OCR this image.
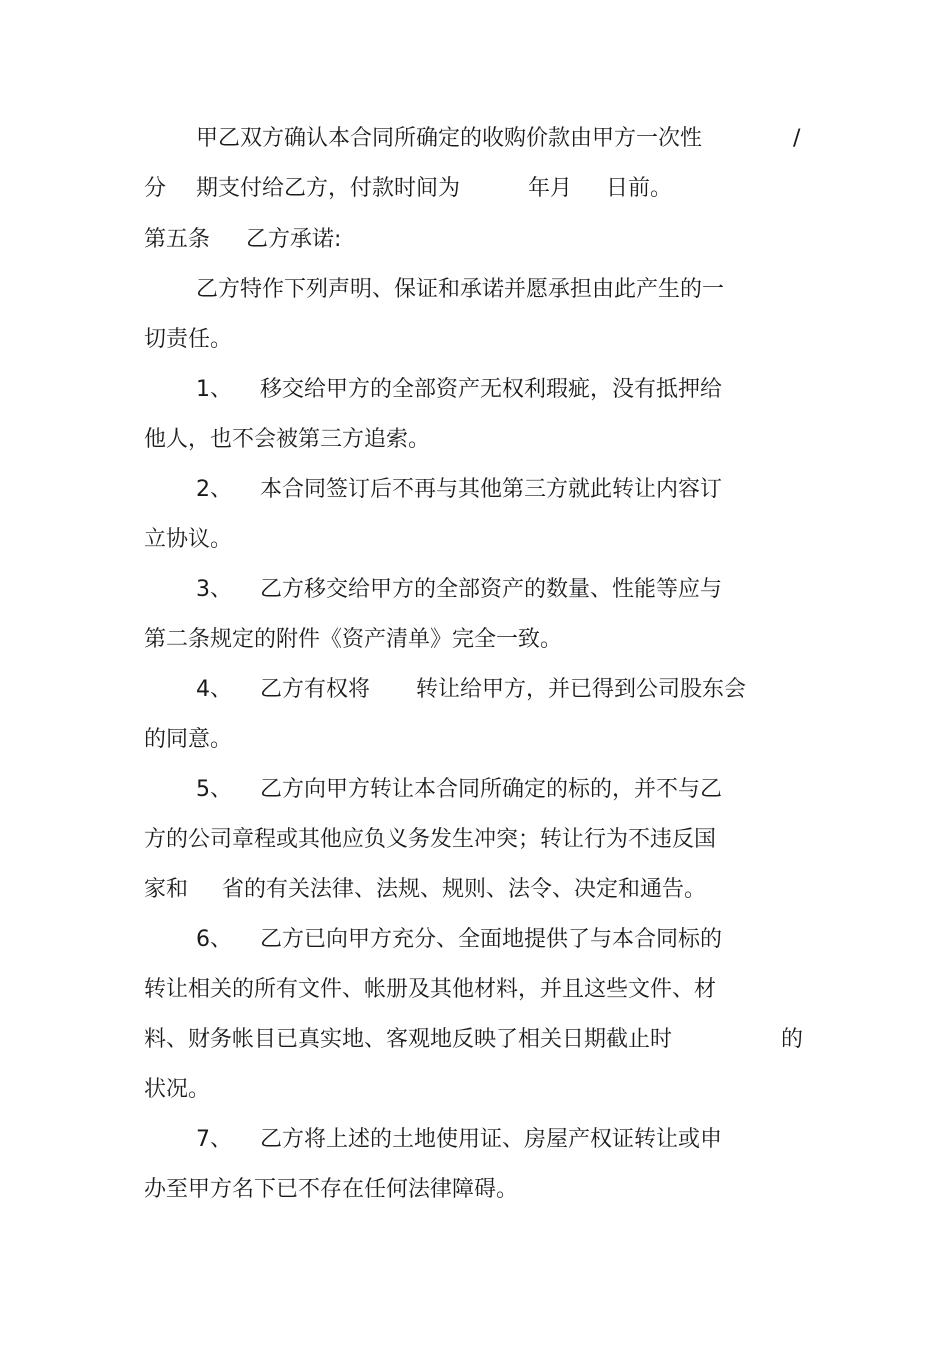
甲乙双方确认本合同所确定的收购价款由甲方一次性	/
分 期支付给乙方，付款时间为	年月 日前。
第五条 乙方承诺:
乙方特作下列声明、保证和承诺并愿承担由此产生的一
切责任。
1、 移交给甲方的全部资产无权利瑕疵，没有抵押给
他人，也不会被第三方追索。
2、 本合同签订后不再与其他第三方就此转让内容订
立协议。
3、 乙方移交给甲方的全部资产的数量、性能等应与
第二条规定的附件《资产清单》完全一致。
4、 乙方有权将 转让给甲方，并已得到公司股东会
的同意。
5、 乙方向甲方转让本合同所确定的标的，并不与乙
方的公司章程或其他应负义务发生冲突；转让行为不违反国
家和 省的有关法律、法规、规则、法令、决定和通告。
6、 乙方已向甲方充分、全面地提供了与本合同标的
转让相关的所有文件、帐册及其他材料，并且这些文件、材
料、财务帐目已真实地、客观地反映了相关日期截止时	的
状况。
7、 乙方将上述的土地使用证、房屋产权证转让或申
办至甲方名下已不存在任何法律障碍。
